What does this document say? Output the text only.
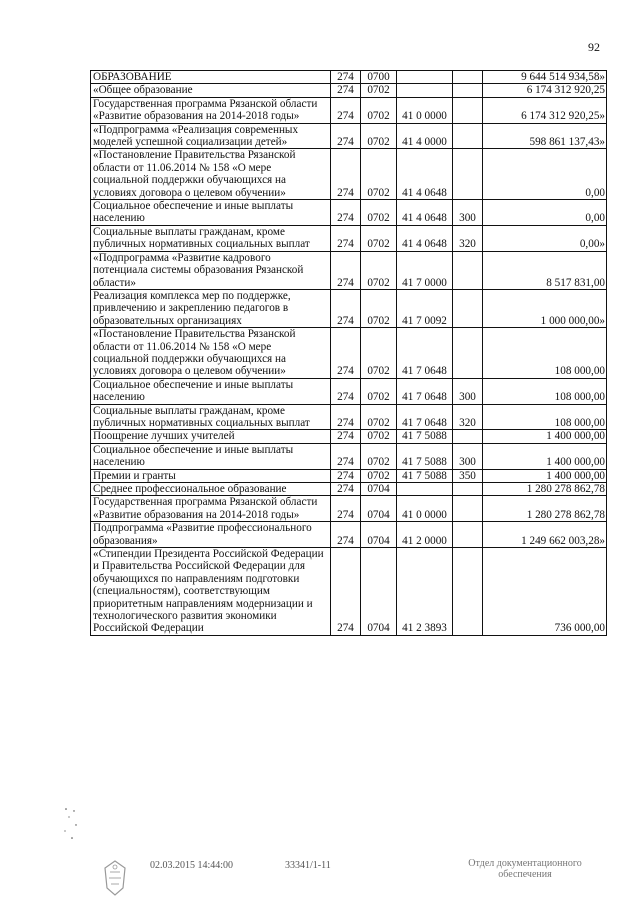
92
ОБРАЗОВАНИЕ	274	0700			9 644 514 934,58»
«Общее образование	274	0702			6 174 312 920,25
Государственная программа Рязанской области «Развитие образования на 2014-2018 годы»	274	0702	41 0 0000		6 174 312 920,25»
«Подпрограмма «Реализация современных моделей успешной социализации детей»	274	0702	41 4 0000		598 861 137,43»
«Постановление Правительства Рязанской области от 11.06.2014 № 158 «О мере социальной поддержки обучающихся на условиях договора о целевом обучении»	274	0702	41 4 0648		0,00
Социальное обеспечение и иные выплаты населению	274	0702	41 4 0648	300	0,00
Социальные выплаты гражданам, кроме публичных нормативных социальных выплат	274	0702	41 4 0648	320	0,00»
«Подпрограмма «Развитие кадрового потенциала системы образования Рязанской области»	274	0702	41 7 0000		8 517 831,00
Реализация комплекса мер по поддержке, привлечению и закреплению педагогов в образовательных организациях	274	0702	41 7 0092		1 000 000,00»
«Постановление Правительства Рязанской области от 11.06.2014 № 158 «О мере социальной поддержки обучающихся на условиях договора о целевом обучении»	274	0702	41 7 0648		108 000,00
Социальное обеспечение и иные выплаты населению	274	0702	41 7 0648	300	108 000,00
Социальные выплаты гражданам, кроме публичных нормативных социальных выплат	274	0702	41 7 0648	320	108 000,00
Поощрение лучших учителей	274	0702	41 7 5088		1 400 000,00
Социальное обеспечение и иные выплаты населению	274	0702	41 7 5088	300	1 400 000,00
Премии и гранты	274	0702	41 7 5088	350	1 400 000,00
Среднее профессиональное образование	274	0704			1 280 278 862,78
Государственная программа Рязанской области «Развитие образования на 2014-2018 годы»	274	0704	41 0 0000		1 280 278 862,78
Подпрограмма «Развитие профессионального образования»	274	0704	41 2 0000		1 249 662 003,28»
«Стипендии Президента Российской Федерации и Правительства Российской Федерации для обучающихся по направлениям подготовки (специальностям), соответствующим приоритетным направлениям модернизации и технологического развития экономики Российской Федерации	274	0704	41 2 3893		736 000,00
02.03.2015 14:44:00	33341/1-11	Отдел документационного обеспечения
